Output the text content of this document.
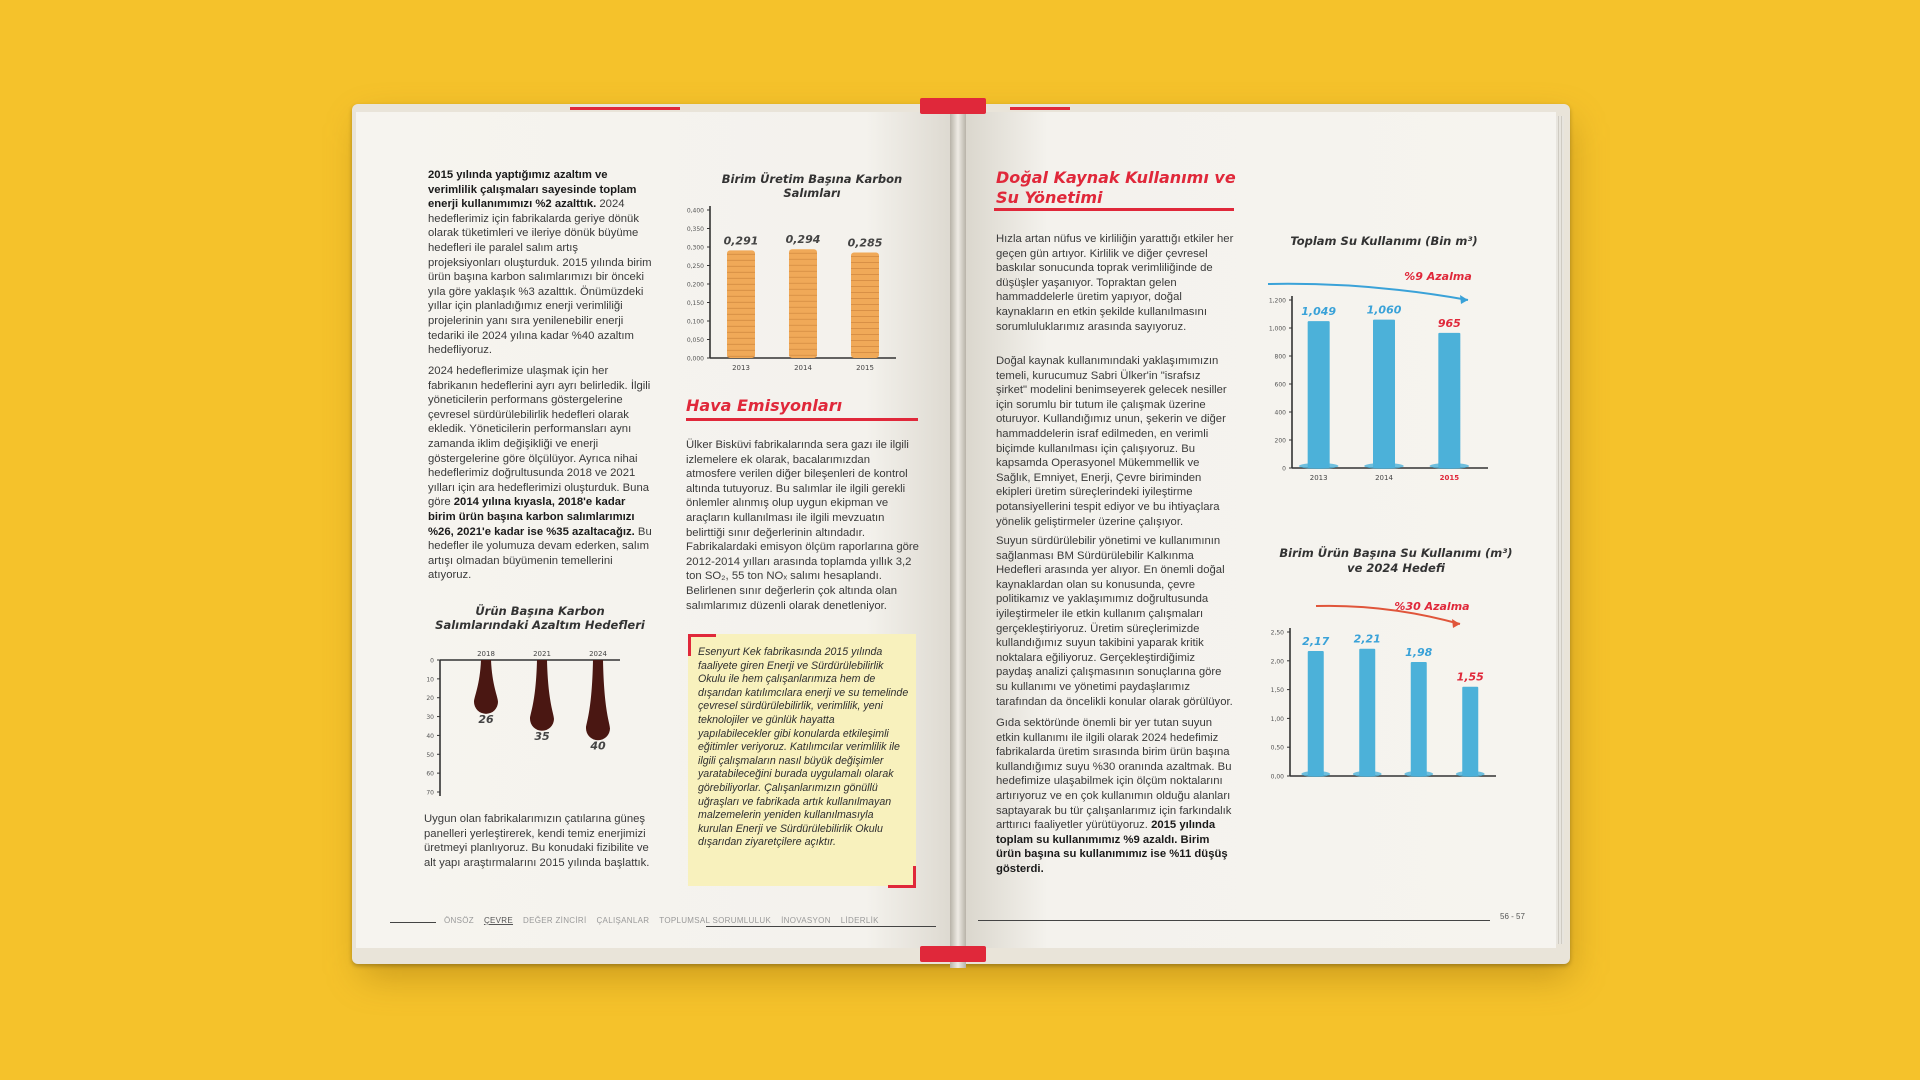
2015 yılında yaptığımız azaltım ve verimlilik çalışmaları sayesinde toplam enerji kullanımımızı %2 azalttık. 2024 hedeflerimiz için fabrikalarda geriye dönük olarak tüketimleri ve ileriye dönük büyüme hedefleri ile paralel salım artış projeksiyonları oluşturduk. 2015 yılında birim ürün başına karbon salımlarımızı bir önceki yıla göre yaklaşık %3 azalttık. Önümüzdeki yıllar için planladığımız enerji verimliliği projelerinin yanı sıra yenilenebilir enerji tedariki ile 2024 yılına kadar %40 azaltım hedefliyoruz.
2024 hedeflerimize ulaşmak için her fabrikanın hedeflerini ayrı ayrı belirledik. İlgili yöneticilerin performans göstergelerine çevresel sürdürülebilirlik hedefleri olarak ekledik. Yöneticilerin performansları aynı zamanda iklim değişikliği ve enerji göstergelerine göre ölçülüyor. Ayrıca nihai hedeflerimiz doğrultusunda 2018 ve 2021 yılları için ara hedeflerimizi oluşturduk. Buna göre 2014 yılına kıyasla, 2018'e kadar birim ürün başına karbon salımlarımızı %26, 2021'e kadar ise %35 azaltacağız. Bu hedefler ile yolumuza devam ederken, salım artışı olmadan büyümenin temellerini atıyoruz.
Uygun olan fabrikalarımızın çatılarına güneş panelleri yerleştirerek, kendi temiz enerjimizi üretmeyi planlıyoruz. Bu konudaki fizibilite ve alt yapı araştırmalarını 2015 yılında başlattık.
Ürün Başına Karbon Salımlarındaki Azaltım Hedefleri
0
10
20
30
40
50
60
70
2018
26
2021
35
2024
40
Birim Üretim Başına Karbon Salımları
0,000
0,050
0,100
0,150
0,200
0,250
0,300
0,350
0,400
0,291
2013
0,294
2014
0,285
2015
Hava Emisyonları
Ülker Bisküvi fabrikalarında sera gazı ile ilgili izlemelere ek olarak, bacalarımızdan atmosfere verilen diğer bileşenleri de kontrol altında tutuyoruz. Bu salımlar ile ilgili gerekli önlemler alınmış olup uygun ekipman ve araçların kullanılması ile ilgili mevzuatın belirttiği sınır değerlerinin altındadır. Fabrikalardaki emisyon ölçüm raporlarına göre 2012-2014 yılları arasında toplamda yıllık 3,2 ton SO₂, 55 ton NOₓ salımı hesaplandı. Belirlenen sınır değerlerin çok altında olan salımlarımız düzenli olarak denetleniyor.
Esenyurt Kek fabrikasında 2015 yılında faaliyete giren Enerji ve Sürdürülebilirlik Okulu ile hem çalışanlarımıza hem de dışarıdan katılımcılara enerji ve su temelinde çevresel sürdürülebilirlik, verimlilik, yeni teknolojiler ve günlük hayatta yapılabilecekler gibi konularda etkileşimli eğitimler veriyoruz. Katılımcılar verimlilik ile ilgili çalışmaların nasıl büyük değişimler yaratabileceğini burada uygulamalı olarak görebiliyorlar. Çalışanlarımızın gönüllü uğraşları ve fabrikada artık kullanılmayan malzemelerin yeniden kullanılmasıyla kurulan Enerji ve Sürdürülebilirlik Okulu dışarıdan ziyaretçilere açıktır.
Doğal Kaynak Kullanımı ve
Su Yönetimi
Hızla artan nüfus ve kirliliğin yarattığı etkiler her geçen gün artıyor. Kirlilik ve diğer çevresel baskılar sonucunda toprak verimliliğinde de düşüşler yaşanıyor. Topraktan gelen hammaddelerle üretim yapıyor, doğal kaynakların en etkin şekilde kullanılmasını sorumluluklarımız arasında sayıyoruz.
Doğal kaynak kullanımındaki yaklaşımımızın temeli, kurucumuz Sabri Ülker'in "israfsız şirket" modelini benimseyerek gelecek nesiller için sorumlu bir tutum ile çalışmak üzerine oturuyor. Kullandığımız unun, şekerin ve diğer hammaddelerin israf edilmeden, en verimli biçimde kullanılması için çalışıyoruz. Bu kapsamda Operasyonel Mükemmellik ve Sağlık, Emniyet, Enerji, Çevre biriminden ekipleri üretim süreçlerindeki iyileştirme potansiyellerini tespit ediyor ve bu ihtiyaçlara yönelik geliştirmeler üzerine çalışıyor.
Suyun sürdürülebilir yönetimi ve kullanımının sağlanması BM Sürdürülebilir Kalkınma Hedefleri arasında yer alıyor. En önemli doğal kaynaklardan olan su konusunda, çevre politikamız ve yaklaşımımız doğrultusunda iyileştirmeler ile etkin kullanım çalışmaları gerçekleştiriyoruz. Üretim süreçlerimizde kullandığımız suyun takibini yaparak kritik noktalara eğiliyoruz. Gerçekleştirdiğimiz paydaş analizi çalışmasının sonuçlarına göre su kullanımı ve yönetimi paydaşlarımız tarafından da öncelikli konular olarak görülüyor.
Gıda sektöründe önemli bir yer tutan suyun etkin kullanımı ile ilgili olarak 2024 hedefimiz fabrikalarda üretim sırasında birim ürün başına kullandığımız suyu %30 oranında azaltmak. Bu hedefimize ulaşabilmek için ölçüm noktalarını artırıyoruz ve en çok kullanımın olduğu alanları saptayarak bu tür çalışanlarımız için farkındalık arttırıcı faaliyetler yürütüyoruz. 2015 yılında toplam su kullanımımız %9 azaldı. Birim ürün başına su kullanımımız ise %11 düşüş gösterdi.
Toplam Su Kullanımı (Bin m³)
0
200
400
600
800
1,000
1,200
1,049
2013
1,060
2014
965
2015
%9 Azalma
Birim Ürün Başına Su Kullanımı (m³)
ve 2024 Hedefi
0,00
0,50
1,00
1,50
2,00
2,50
2,17 2,21
1,98
1,55
%30 Azalma
ÖNSÖZ ÇEVRE DEĞER ZİNCİRİ ÇALIŞANLAR TOPLUMSAL SORUMLULUK İNOVASYON LİDERLİK	56 - 57
